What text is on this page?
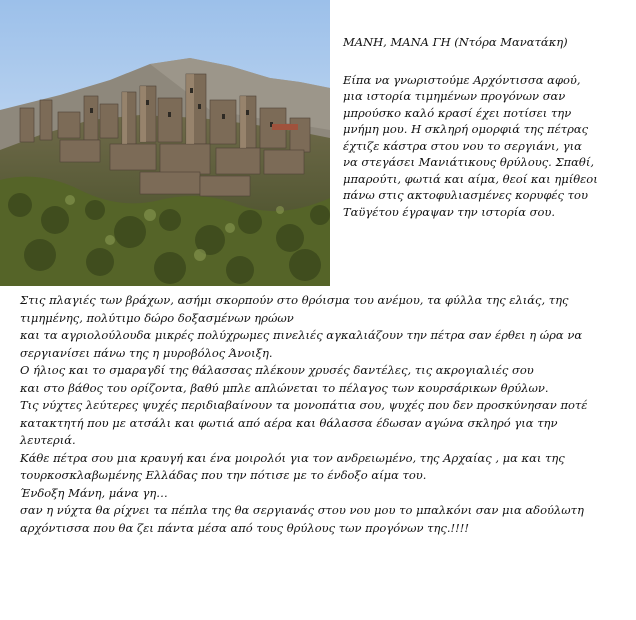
ΜΑΝΗ, ΜΑΝΑ ΓΗ (Ντόρα Μανατάκη)

Είπα να γνωριστούμε Αρχόντισσα αφού, μια ιστορία τιμημένων προγόνων σαν μπρούσκο καλό κρασί έχει ποτίσει την μνήμη μου. Η σκληρή ομορφιά της πέτρας έχτιζε κάστρα στου νου το σεργιάνι, για να στεγάσει Μανιάτικους θρύλους. Σπαθί, μπαρούτι, φωτιά και αίμα, θεοί και ημίθεοι πάνω στις ακτοφυλιασμένες κορυφές του Ταϋγέτου έγραψαν την ιστορία σου.

Στις πλαγιές των βράχων, ασήμι σκορπούν στο θρόισμα του ανέμου, τα φύλλα της ελιάς, της τιμημένης, πολύτιμο δώρο δοξασμένων ηρώων

και τα αγριολούλουδα μικρές πολύχρωμες πινελιές αγκαλιάζουν την πέτρα σαν έρθει η ώρα να σεργιανίσει πάνω της η μυροβόλος Άνοιξη.

Ο ήλιος και το σμαραγδί της θάλασσας πλέκουν χρυσές δαντέλες, τις ακρογιαλιές σου

και στο βάθος του ορίζοντα, βαθύ μπλε απλώνεται το πέλαγος των κουρσάρικων θρύλων.

Τις νύχτες λεύτερες ψυχές περιδιαβαίνουν τα μονοπάτια σου, ψυχές που δεν προσκύνησαν ποτέ κατακτητή που με ατσάλι και φωτιά από αέρα και θάλασσα έδωσαν αγώνα σκληρό για την λευτεριά.

Κάθε πέτρα σου μια κραυγή και ένα μοιρολόι για τον ανδρειωμένο, της Αρχαίας , μα και της τουρκοσκλαβωμένης Ελλάδας που την πότισε με το ένδοξο αίμα του.

Ένδοξη Μάνη, μάνα γη…

σαν η νύχτα θα ρίχνει τα πέπλα της θα σεργιανάς στου νου μου το μπαλκόνι σαν μια αδούλωτη αρχόντισσα που θα ζει πάντα μέσα από τους θρύλους των προγόνων της.!!!!
